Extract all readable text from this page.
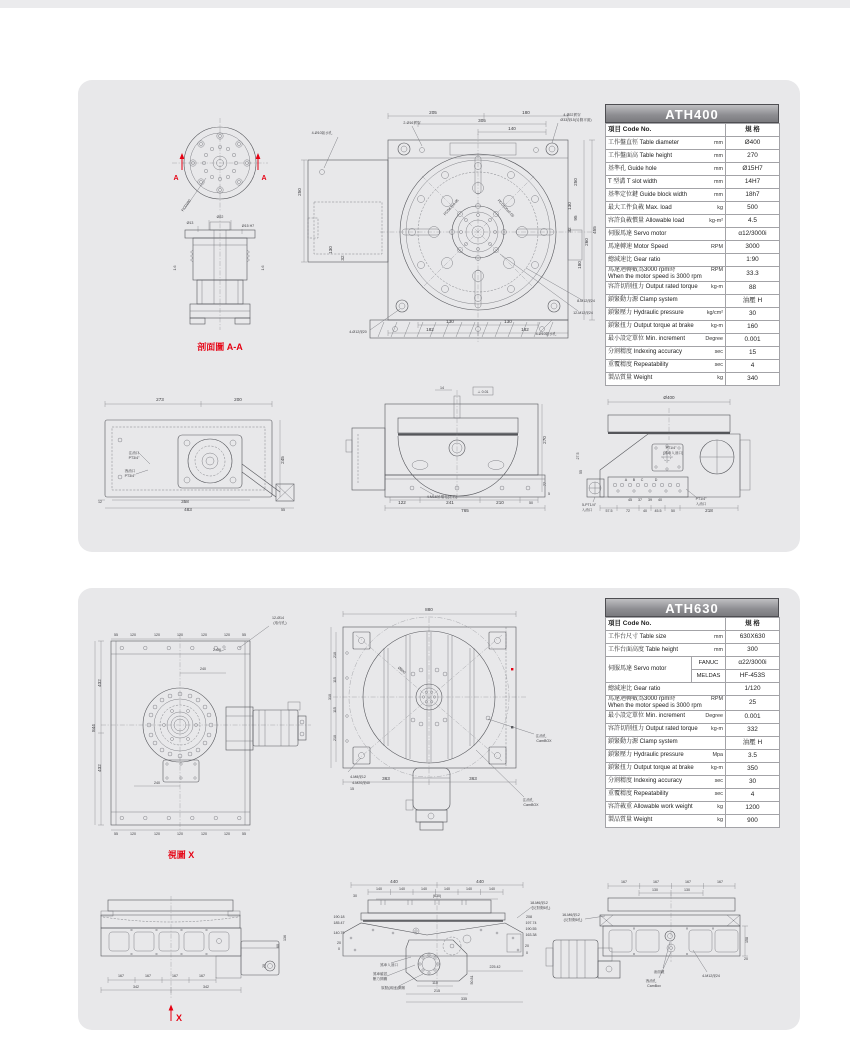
A	A
PCD280
Ø22
Ø13
Ø15 H7
1.6	1.6
剖面圖 A-A
205	180
305
140
2-Ø16貫穿
4-Ø10臥水孔
4-Ø22貫穿
Ø33深15(另側平面)
250
130
32
250
130
95
32
180
260
455
PCD63±0.05	PCD100±0.05
8-M12深24
12-M12深24
4-Ø12深20	4-Ø10臥水孔
130	130
182	182
273	200
注油口
PT3/4"
洩油口
PT3/4"
245
12	358
483	55
14
⊥ 0.01
122	241	210	50
765
270
77
5
4-M16吊環孔(左右)
Ø400
PT1/4"
(煞車入油口)
A B C	D
45 37 39 40
57.5	72	40 45.5	50	218
5-PT1/4"
入油口
PT1/4"
入油口
55
27.5
ATH400
項目 Code No.	規 格

工作盤直徑 Table diameter mm	Ø400

工作盤面高 Table height mm	270

基準孔 Guide hole mm	Ø15H7

T 型溝 T slot width mm	14H7

基準定位鍵 Guide block width mm	18h7

最大工件負載 Max. load kg	500

容許負載慣量 Allowable load kg-m²	4.5

伺服馬達 Servo motor	α12/3000i

馬達轉速 Motor Speed RPM	3000

總減速比 Gear ratio	1:90

馬達迴轉數為3000 rpm時
When the motor speed is 3000 rpm
RPM	33.3

容許切削扭力 Output rated torque kg-m	88

鎖緊動力源 Clamp system	油壓 H

鎖緊壓力 Hydraulic pressure kg/cm²	30

鎖緊扭力 Output torque at brake kg-m	160

最小設定單位 Min. increment Degree	0.001

分割精度 Indexing accuracy sec	15

重覆精度 Repeatability sec	4

製品質量 Weight kg	340
55	120	120	120	120	120	55
55	120	120	120	120	120	55
12-Ø14
(取付孔)
2-Ø6
432
432
844
240
240
視圖 X
880
210
115
115
210
310
Ø800
注油孔
CamBOX
注油孔
CamBOX
4-M8深12
4-M20深40
15
363	363
167	167	167	167
342	342
136
60
20
X
440	440
140	140	140	140	140	140
(630)
30
18-M6深12
(反對側6孔)
208
197.74
190.55
163.38
20
0
190.18
185.47
140.79
20
0
煞車入油口
煞車確認
壓力開關
原點(減速)開關
110
215
225.42
50.81
335
167	167	167	167
130	130
16-M6深12
(反對側6孔)
158
20
油面鏡
洩油孔
CamBox
4-M12深24
ATH630
項目 Code No.		規 格

工作台尺寸 Table size mm		630X630

工作台面高度 Table height mm		300

伺服馬達 Servo motor	FANUC	α22/3000i
	MELDAS	HF-453S

總減速比 Gear ratio		1/120

馬達迴轉數為3000 rpm時
When the motor speed is 3000 rpm
RPM		25

最小設定單位 Min. increment Degree		0.001

容許切削扭力 Output rated torque kg-m		332

鎖緊動力源 Clamp system		油壓 H

鎖緊壓力 Hydraulic pressure Mpa		3.5

鎖緊扭力 Output torque at brake kg-m		350

分割精度 Indexing accuracy sec		30

重覆精度 Repeatability sec		4

容許載重 Allowable work weight kg		1200

製品質量 Weight kg		900
